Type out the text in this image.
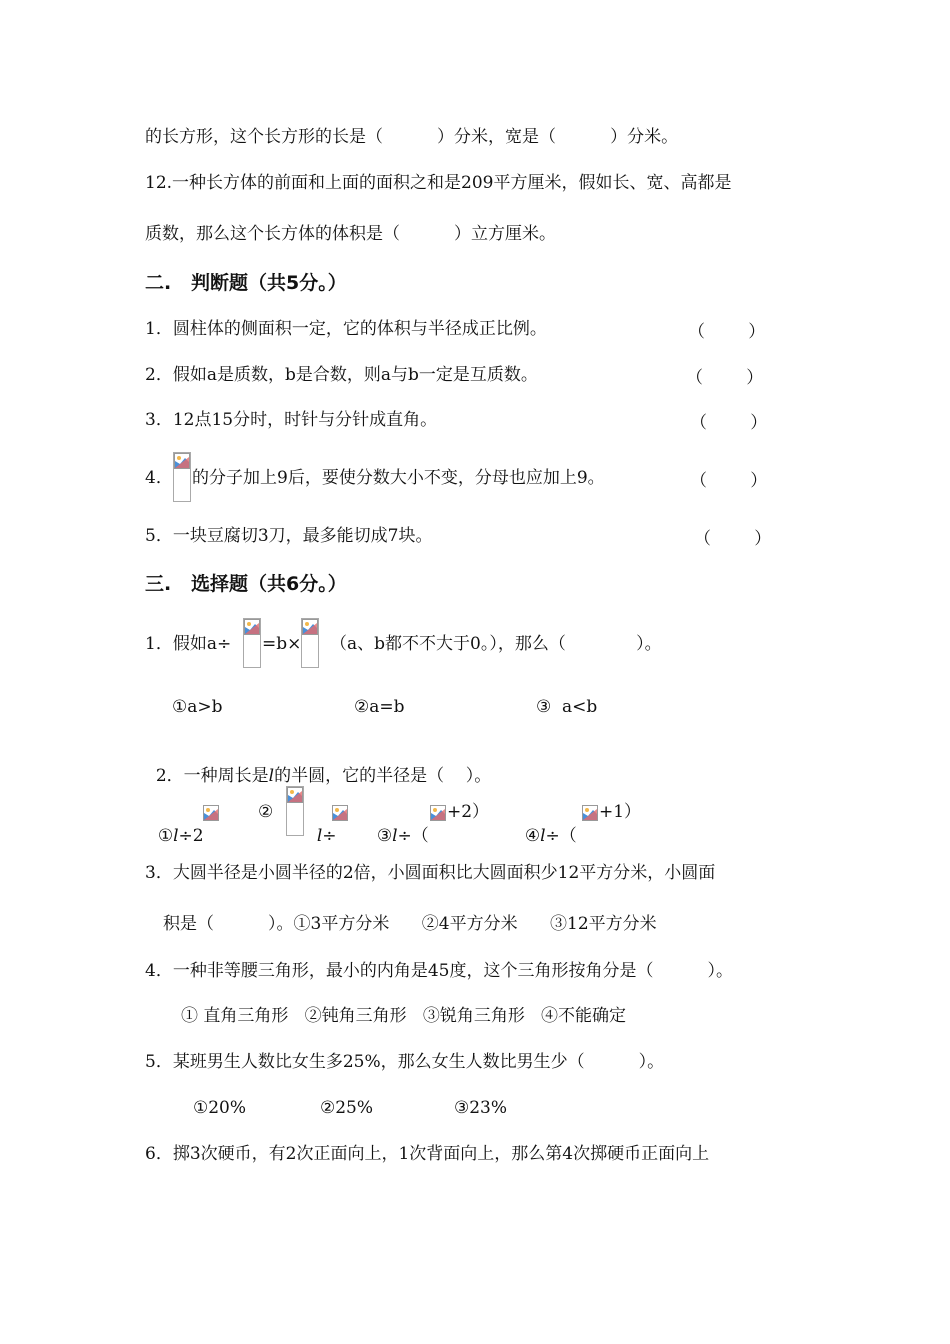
的长方形，这个长方形的长是（          ）分米，宽是（          ）分米。
12.一种长方体的前面和上面的面积之和是209平方厘米，假如长、宽、高都是
质数，那么这个长方体的体积是（          ）立方厘米。
二.   判断题（共5分。）
1．圆柱体的侧面积一定，它的体积与半径成正比例。	（        ）
2．假如a是质数，b是合数，则a与b一定是互质数。	（        ）
3．12点15分时，时针与分针成直角。	（        ）
4． 的分子加上9后，要使分数大小不变，分母也应加上9。	（        ）
5．一块豆腐切3刀，最多能切成7块。	（        ）
三.   选择题（共6分。）
1．假如a÷ =b× （a、b都不不大于0。），那么（             ）。
①a>b	②a=b	③  a<b

2．一种周长是l的半圆，它的半径是（    ）。

①l÷2

②

l÷	③l÷（

+2）

④l÷（

+1）
3．大圆半径是小圆半径的2倍，小圆面积比大圆面积少12平方分米，小圆面
积是（          ）。①3平方分米      ②4平方分米      ③12平方分米
4．一种非等腰三角形，最小的内角是45度，这个三角形按角分是（          ）。
① 直角三角形   ②钝角三角形   ③锐角三角形   ④不能确定
5．某班男生人数比女生多25%，那么女生人数比男生少（          ）。
①20%	②25%	③23%
6．掷3次硬币，有2次正面向上，1次背面向上，那么第4次掷硬币正面向上
